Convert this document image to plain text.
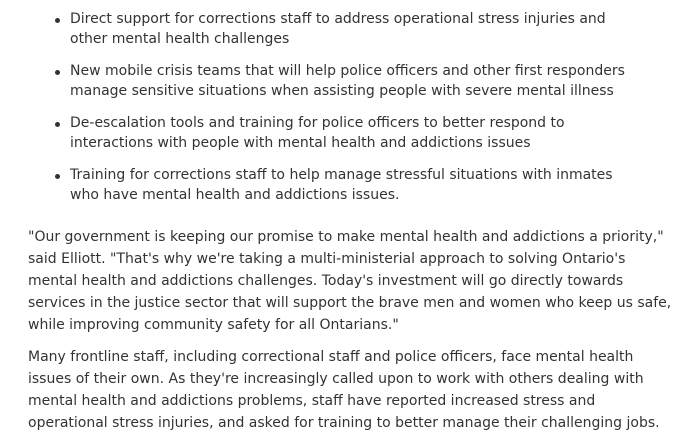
Direct support for corrections staff to address operational stress injuries and other mental health challenges
New mobile crisis teams that will help police officers and other first responders manage sensitive situations when assisting people with severe mental illness
De-escalation tools and training for police officers to better respond to interactions with people with mental health and addictions issues
Training for corrections staff to help manage stressful situations with inmates who have mental health and addictions issues.

"Our government is keeping our promise to make mental health and addictions a priority," said Elliott. "That's why we're taking a multi-ministerial approach to solving Ontario's mental health and addictions challenges. Today's investment will go directly towards services in the justice sector that will support the brave men and women who keep us safe, while improving community safety for all Ontarians."

Many frontline staff, including correctional staff and police officers, face mental health issues of their own. As they're increasingly called upon to work with others dealing with mental health and addictions problems, staff have reported increased stress and operational stress injuries, and asked for training to better manage their challenging jobs.
